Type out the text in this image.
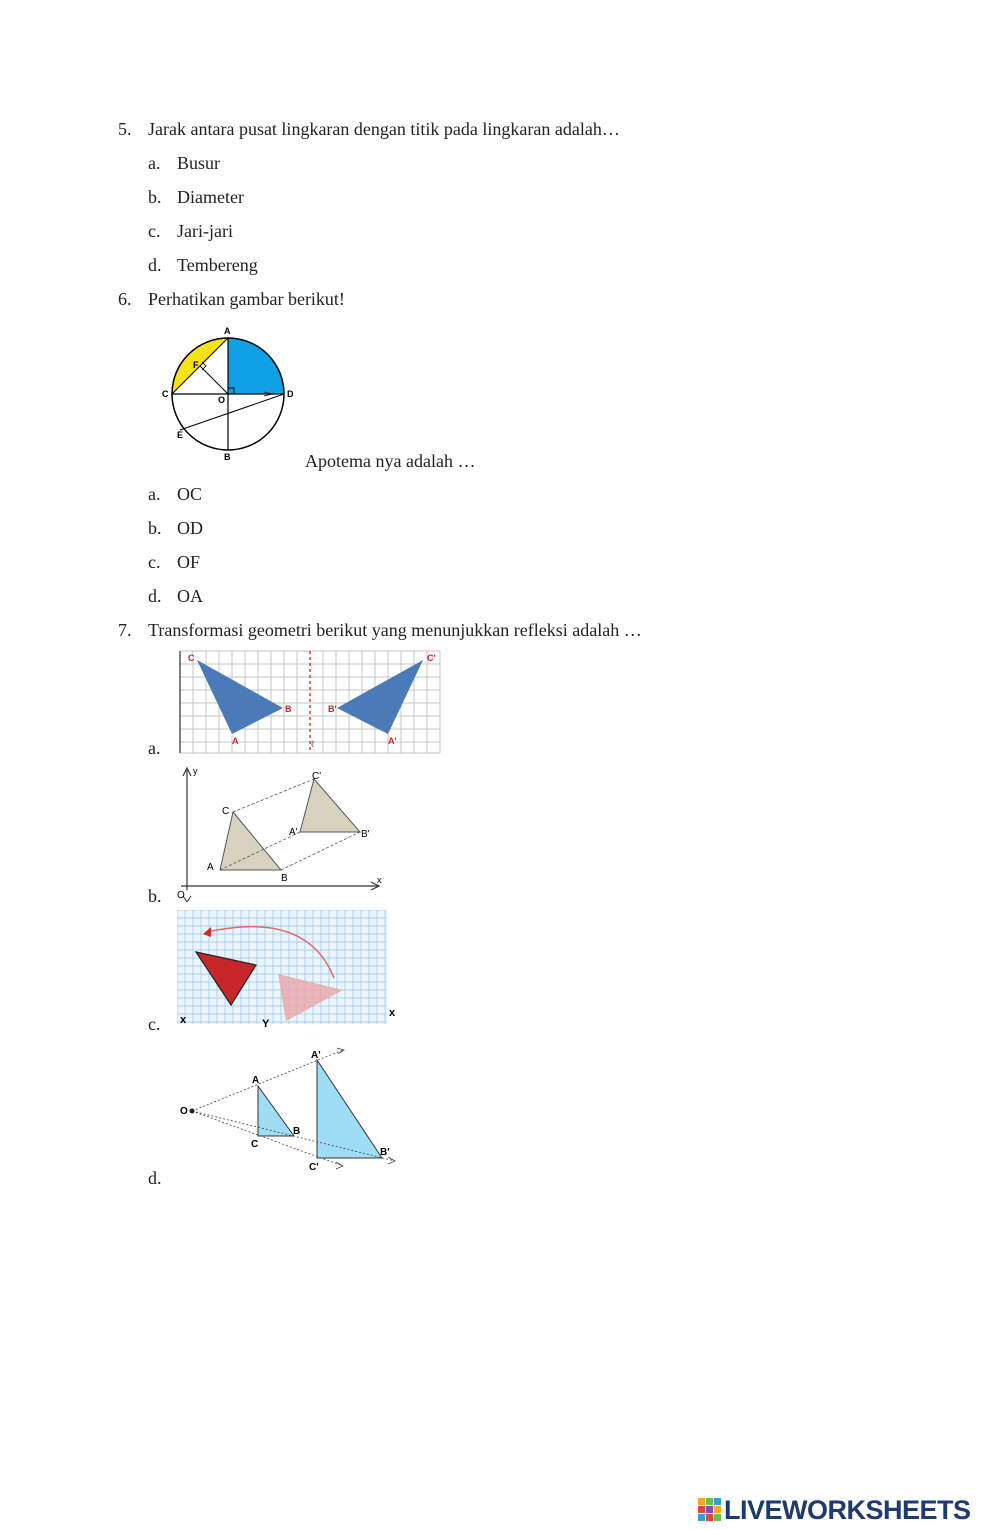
5. Jarak antara pusat lingkaran dengan titik pada lingkaran adalah…
a. Busur
b. Diameter
c. Jari-jari
d. Tembereng
6. Perhatikan gambar berikut!
A
B
C	D
E
F
O
Apotema nya adalah …
a. OC
b. OD
c. OF
d. OA
7. Transformasi geometri berikut yang menunjukkan refleksi adalah …
a.
C
B
A
C'
B'
A'
ℓ
b.
y
x
O
A
B
C
A'	B'
C'
c. x	Y
x
d.
O
A
B
C
A'
B'
C'
LIVEWORKSHEETS
